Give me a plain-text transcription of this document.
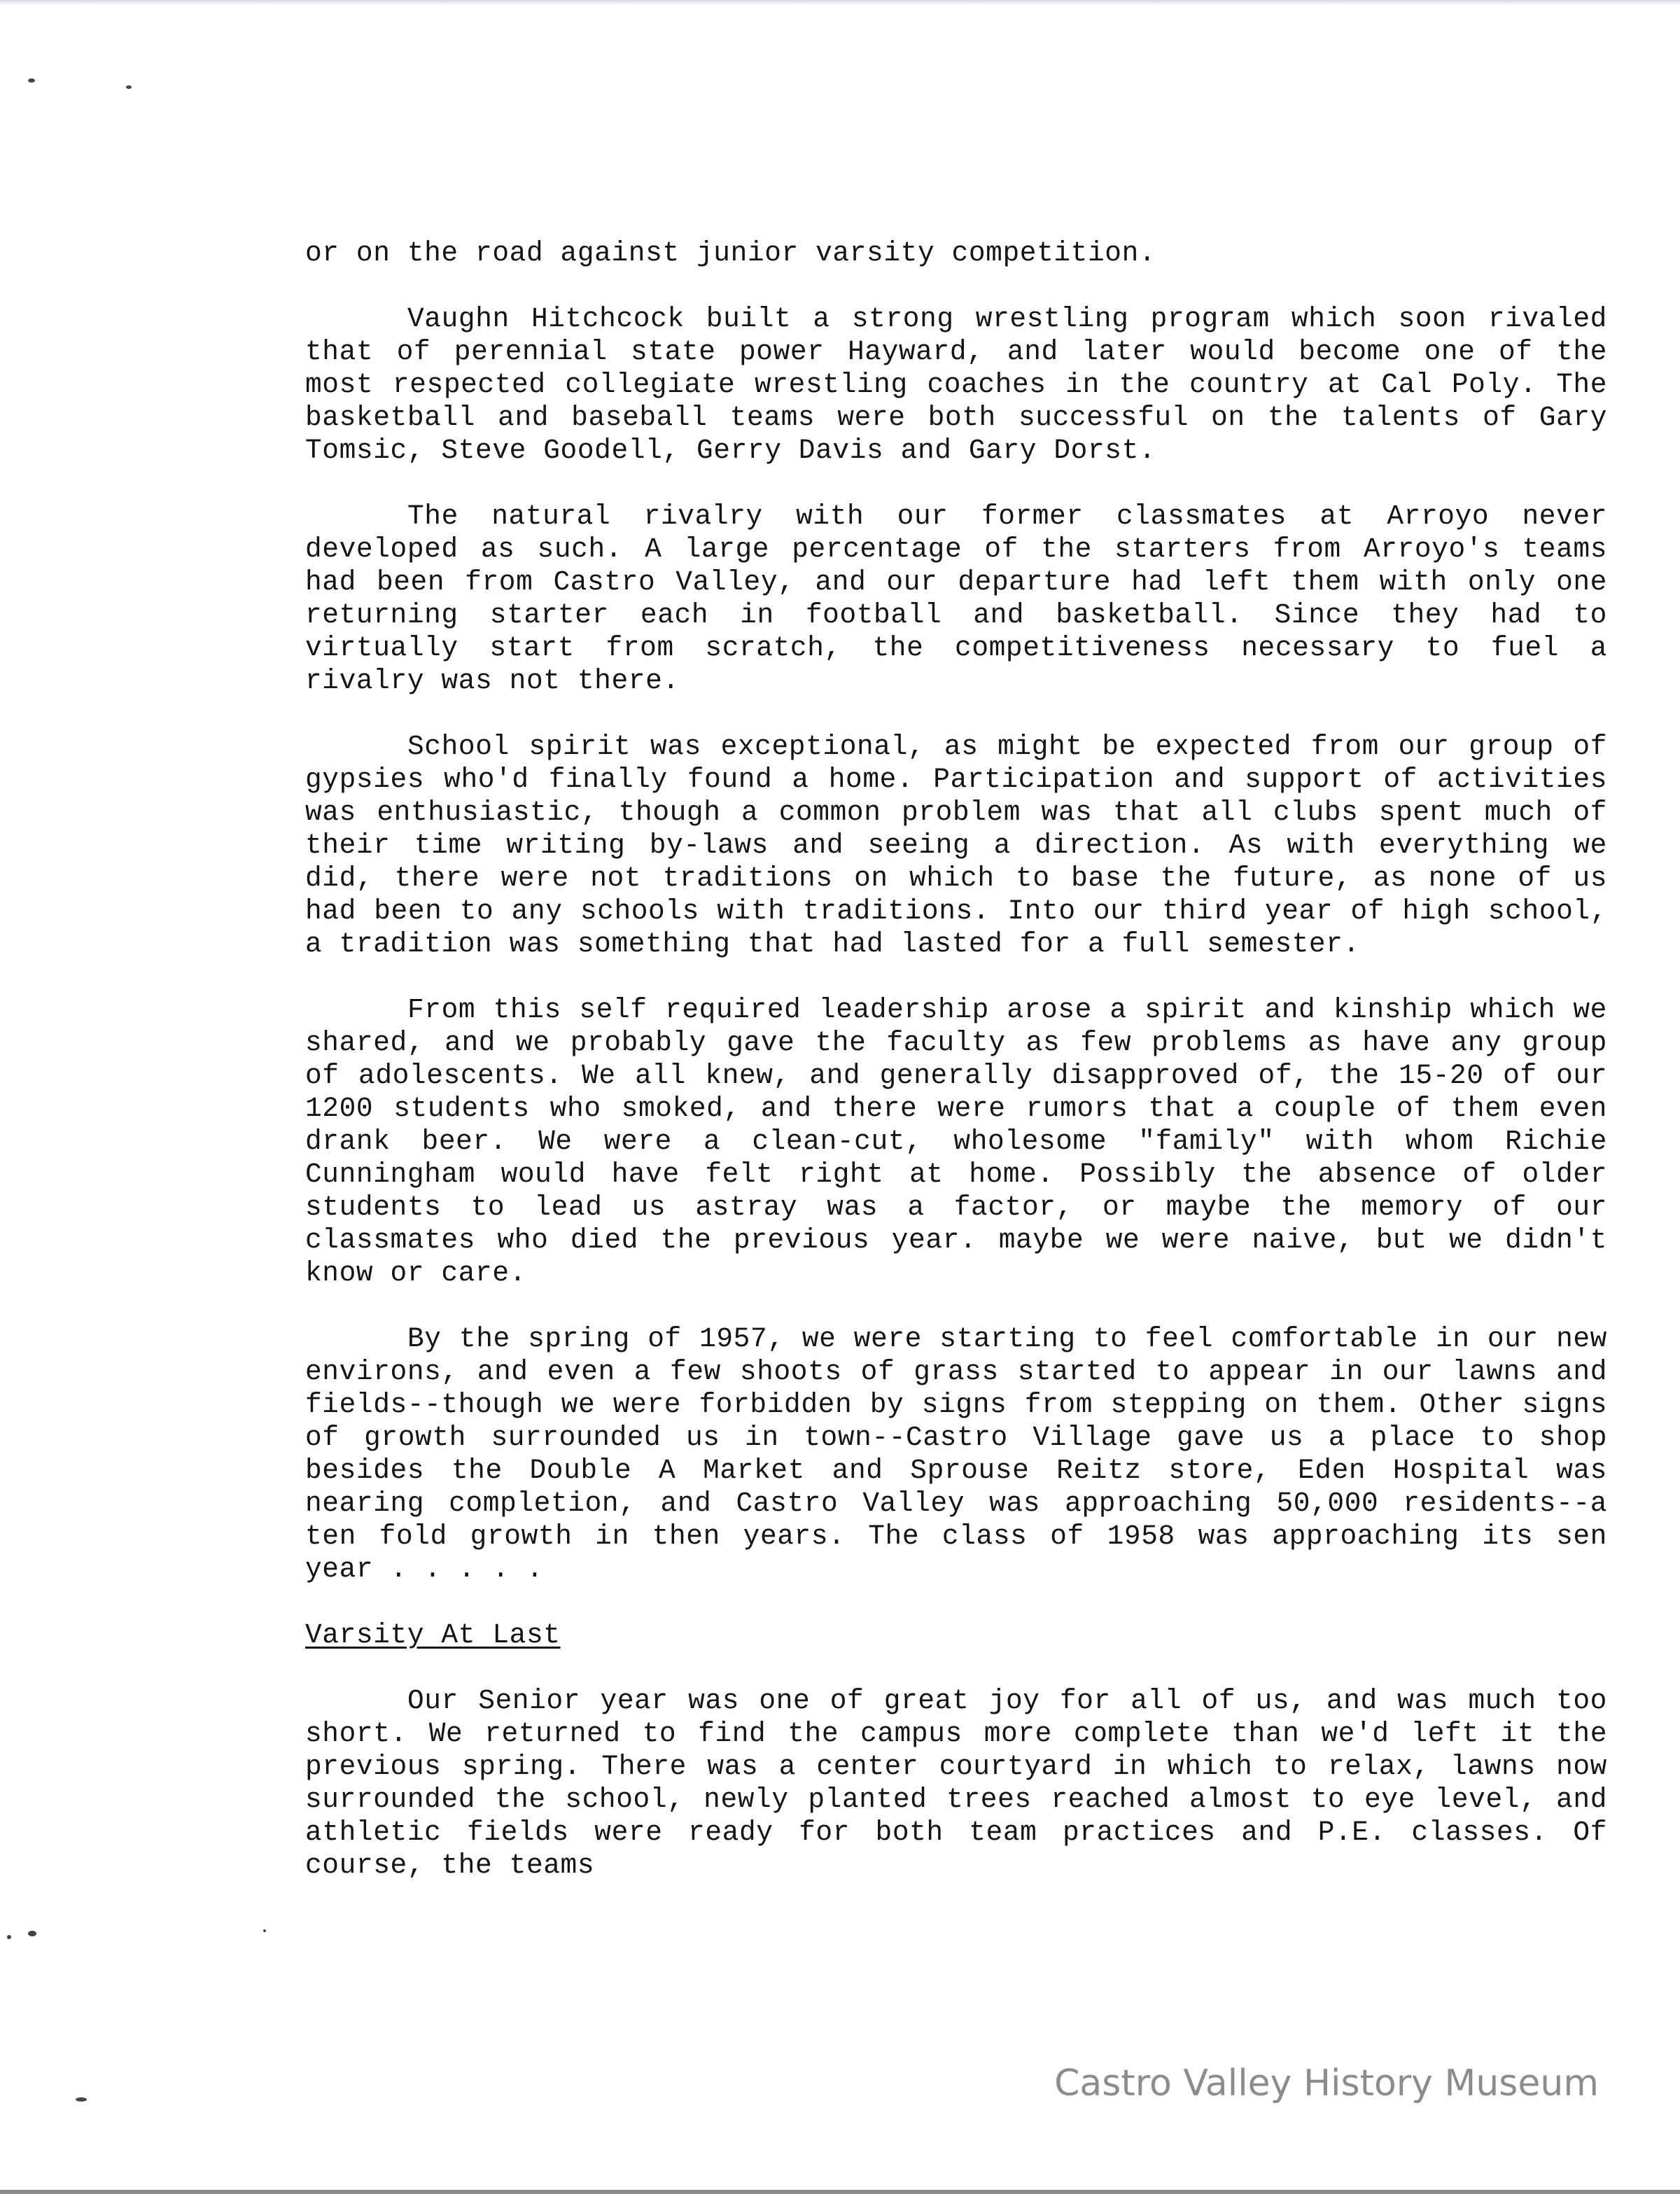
or on the road against junior varsity competition.

Vaughn Hitchcock built a strong wrestling program which soon rivaled that of perennial state power Hayward, and later would become one of the most respected collegiate wrestling coaches in the country at Cal Poly. The basketball and baseball teams were both successful on the talents of Gary Tomsic, Steve Goodell, Gerry Davis and Gary Dorst.

The natural rivalry with our former classmates at Arroyo never developed as such. A large percentage of the starters from Arroyo's teams had been from Castro Valley, and our departure had left them with only one returning starter each in football and basketball. Since they had to virtually start from scratch, the competitiveness necessary to fuel a rivalry was not there.

School spirit was exceptional, as might be expected from our group of gypsies who'd finally found a home. Participation and support of activities was enthusiastic, though a common problem was that all clubs spent much of their time writing by-laws and seeing a direction. As with everything we did, there were not traditions on which to base the future, as none of us had been to any schools with traditions. Into our third year of high school, a tradition was something that had lasted for a full semester.

From this self required leadership arose a spirit and kinship which we shared, and we probably gave the faculty as few problems as have any group of adolescents. We all knew, and generally disapproved of, the 15-20 of our 1200 students who smoked, and there were rumors that a couple of them even drank beer. We were a clean-cut, wholesome "family" with whom Richie Cunningham would have felt right at home. Possibly the absence of older students to lead us astray was a factor, or maybe the memory of our classmates who died the previous year. maybe we were naive, but we didn't know or care.

By the spring of 1957, we were starting to feel comfortable in our new environs, and even a few shoots of grass started to appear in our lawns and fields--though we were forbidden by signs from stepping on them. Other signs of growth surrounded us in town--Castro Village gave us a place to shop besides the Double A Market and Sprouse Reitz store, Eden Hospital was nearing completion, and Castro Valley was approaching 50,000 residents--a ten fold growth in then years. The class of 1958 was approaching its sen year . . . . .

Varsity At Last

Our Senior year was one of great joy for all of us, and was much too short. We returned to find the campus more complete than we'd left it the previous spring. There was a center courtyard in which to relax, lawns now surrounded the school, newly planted trees reached almost to eye level, and athletic fields were ready for both team practices and P.E. classes. Of course, the teams

Castro Valley History Museum
